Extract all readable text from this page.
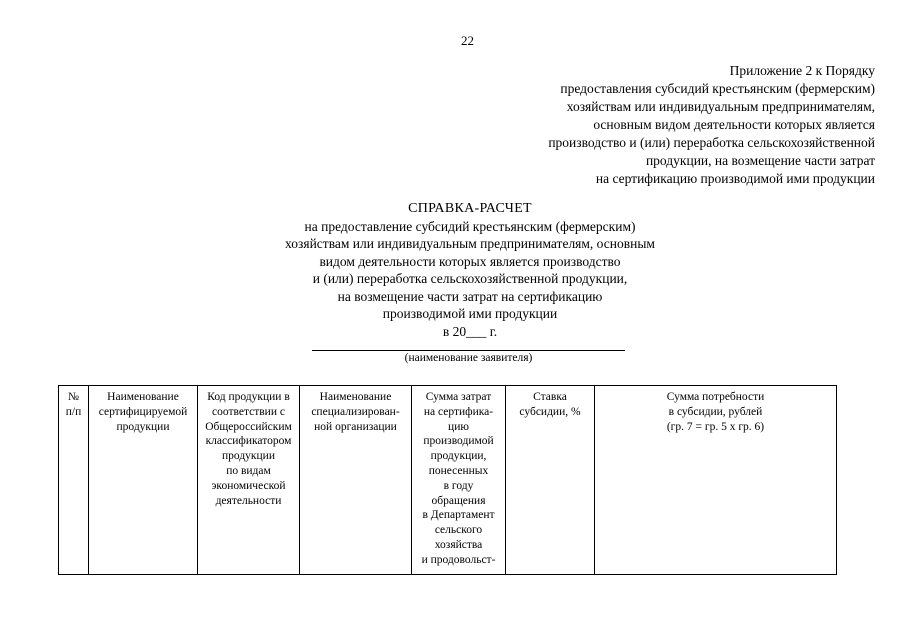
22
Приложение 2 к Порядку
предоставления субсидий крестьянским (фермерским)
хозяйствам или индивидуальным предпринимателям,
основным видом деятельности которых является
производство и (или) переработка сельскохозяйственной
продукции, на возмещение части затрат
на сертификацию производимой ими продукции
СПРАВКА-РАСЧЕТ
на предоставление субсидий крестьянским (фермерским)
хозяйствам или индивидуальным предпринимателям, основным
видом деятельности которых является производство
и (или) переработка сельскохозяйственной продукции,
на возмещение части затрат на сертификацию
производимой ими продукции
в 20___ г.
(наименование заявителя)
№
п/п

Наименование
сертифицируемой
продукции

Код продукции в
соответствии с
Общероссийским
классификатором
продукции
по видам
экономической
деятельности

Наименование
специализирован-
ной организации

Сумма затрат
на сертифика-
цию
производимой
продукции,
понесенных
в году
обращения
в Департамент
сельского
хозяйства
и продовольст-

Ставка
субсидии, %

Сумма потребности
в субсидии, рублей
(гр. 7 = гр. 5 х гр. 6)
